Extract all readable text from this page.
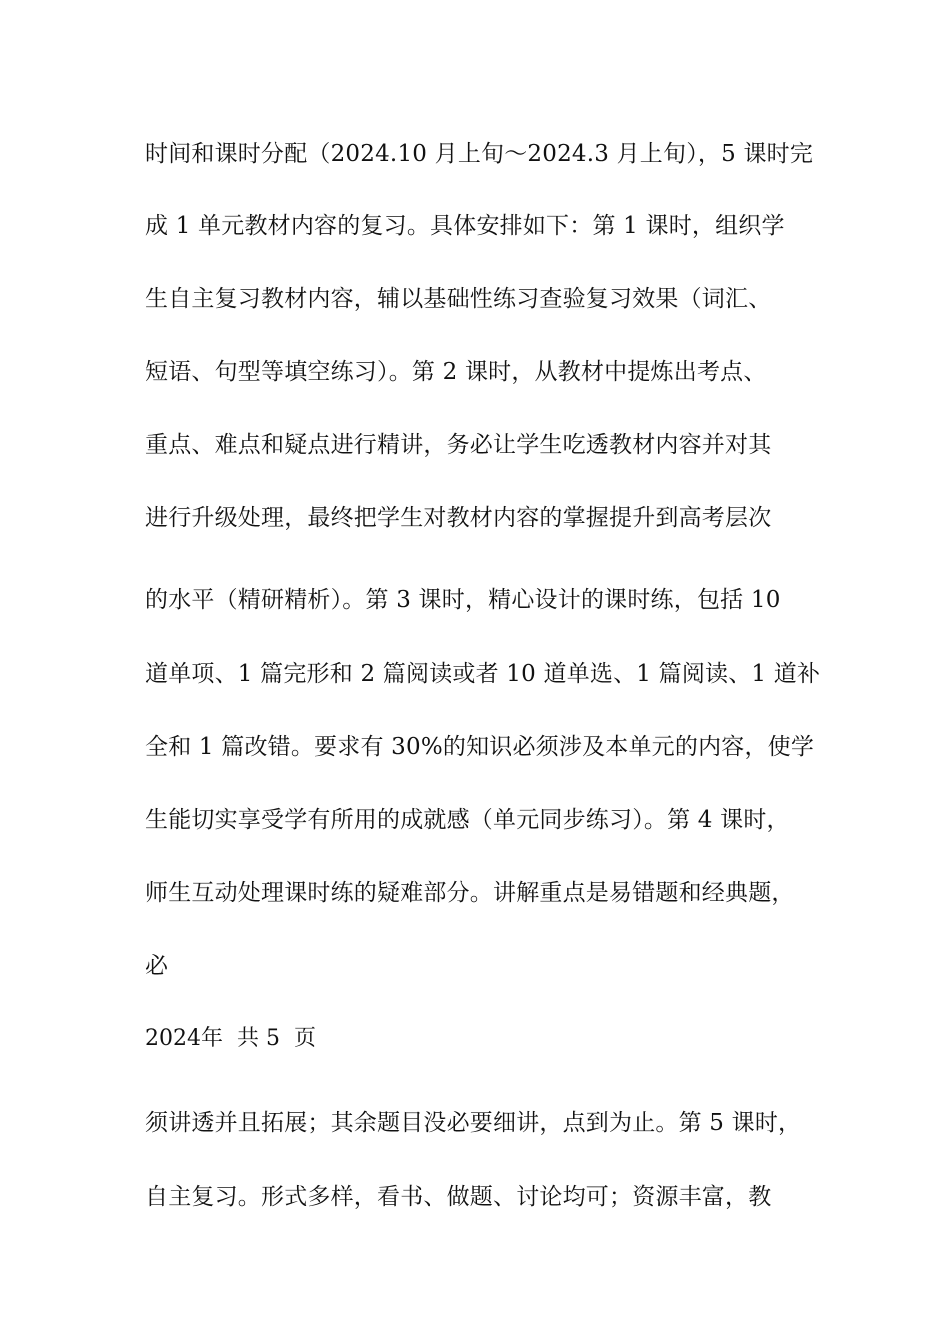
时间和课时分配（2024.10 月上旬～2024.3 月上旬），5 课时完
成 1 单元教材内容的复习。具体安排如下：第 1 课时，组织学
生自主复习教材内容，辅以基础性练习查验复习效果（词汇、
短语、句型等填空练习）。第 2 课时，从教材中提炼出考点、
重点、难点和疑点进行精讲，务必让学生吃透教材内容并对其
进行升级处理，最终把学生对教材内容的掌握提升到高考层次
的水平（精研精析）。第 3 课时，精心设计的课时练，包括 10
道单项、1 篇完形和 2 篇阅读或者 10 道单选、1 篇阅读、1 道补
全和 1 篇改错。要求有 30%的知识必须涉及本单元的内容，使学
生能切实享受学有所用的成就感（单元同步练习）。第 4 课时，
师生互动处理课时练的疑难部分。讲解重点是易错题和经典题，
必
2024年  共 5  页
须讲透并且拓展；其余题目没必要细讲，点到为止。第 5 课时，
自主复习。形式多样，看书、做题、讨论均可；资源丰富，教
